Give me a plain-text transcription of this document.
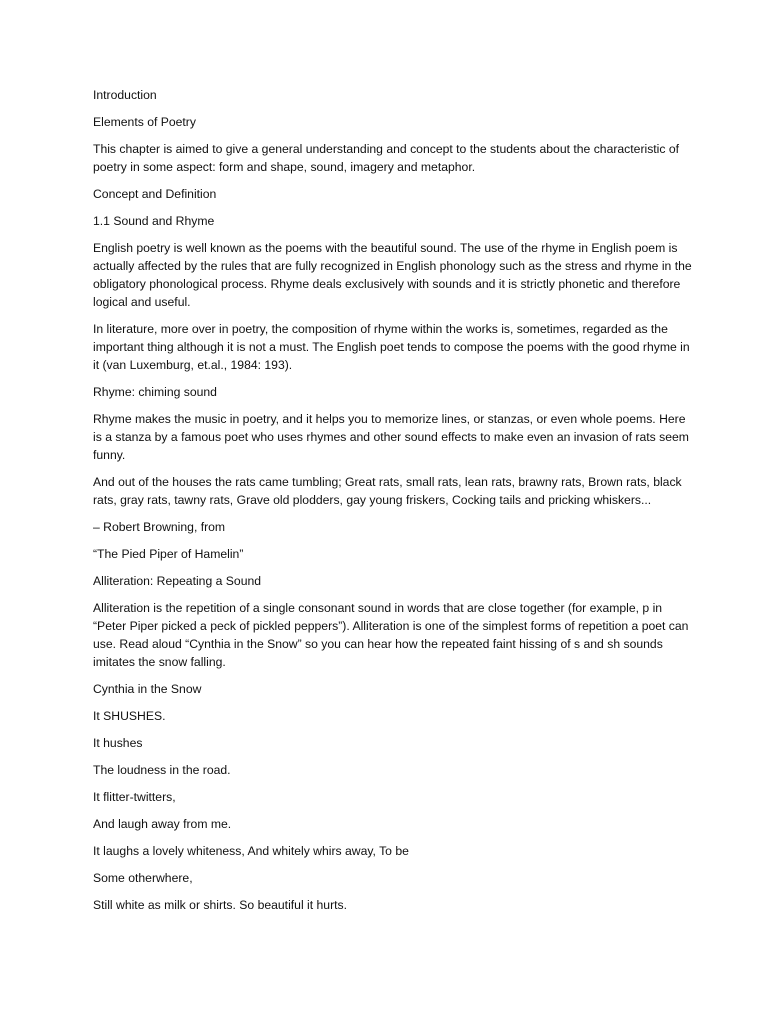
Introduction

Elements of Poetry

This chapter is aimed to give a general understanding and concept to the students about the characteristic of poetry in some aspect: form and shape, sound, imagery and metaphor.

Concept and Definition

1.1 Sound and Rhyme

English poetry is well known as the poems with the beautiful sound. The use of the rhyme in English poem is actually affected by the rules that are fully recognized in English phonology such as the stress and rhyme in the obligatory phonological process. Rhyme deals exclusively with sounds and it is strictly phonetic and therefore logical and useful.

In literature, more over in poetry, the composition of rhyme within the works is, sometimes, regarded as the important thing although it is not a must. The English poet tends to compose the poems with the good rhyme in it (van Luxemburg, et.al., 1984: 193).

Rhyme: chiming sound

Rhyme makes the music in poetry, and it helps you to memorize lines, or stanzas, or even whole poems. Here is a stanza by a famous poet who uses rhymes and other sound effects to make even an invasion of rats seem funny.

And out of the houses the rats came tumbling; Great rats, small rats, lean rats, brawny rats, Brown rats, black rats, gray rats, tawny rats, Grave old plodders, gay young friskers, Cocking tails and pricking whiskers...

– Robert Browning, from

“The Pied Piper of Hamelin”

Alliteration: Repeating a Sound

Alliteration is the repetition of a single consonant sound in words that are close together (for example, p in “Peter Piper picked a peck of pickled peppers”). Alliteration is one of the simplest forms of repetition a poet can use. Read aloud “Cynthia in the Snow” so you can hear how the repeated faint hissing of s and sh sounds imitates the snow falling.

Cynthia in the Snow

It SHUSHES.

It hushes

The loudness in the road.

It flitter-twitters,

And laugh away from me.

It laughs a lovely whiteness, And whitely whirs away, To be

Some otherwhere,

Still white as milk or shirts. So beautiful it hurts.
